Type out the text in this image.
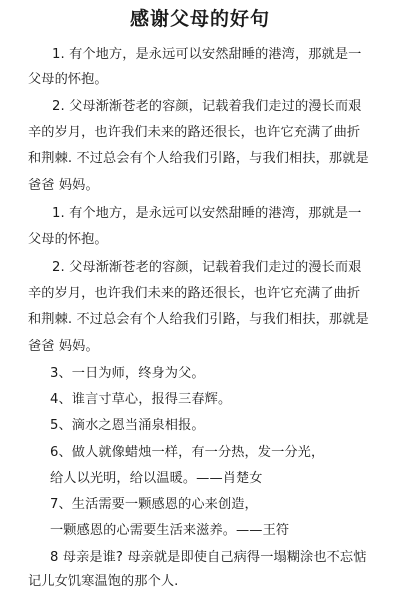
感谢父母的好句
1. 有个地方，是永远可以安然甜睡的港湾，那就是一
父母的怀抱。
2. 父母渐渐苍老的容颜，记载着我们走过的漫长而艰
辛的岁月，也许我们未来的路还很长，也许它充满了曲折
和荆棘. 不过总会有个人给我们引路，与我们相扶，那就是
爸爸 妈妈。
1. 有个地方，是永远可以安然甜睡的港湾，那就是一
父母的怀抱。
2. 父母渐渐苍老的容颜，记载着我们走过的漫长而艰
辛的岁月，也许我们未来的路还很长，也许它充满了曲折
和荆棘. 不过总会有个人给我们引路，与我们相扶，那就是
爸爸 妈妈。
3、一日为师，终身为父。
4、谁言寸草心，报得三春辉。
5、滴水之恩当涌泉相报。
6、做人就像蜡烛一样，有一分热，发一分光，
给人以光明，给以温暖。——肖楚女
7、生活需要一颗感恩的心来创造，
一颗感恩的心需要生活来滋养。——王符
8 母亲是谁? 母亲就是即使自己病得一塌糊涂也不忘惦
记儿女饥寒温饱的那个人.
